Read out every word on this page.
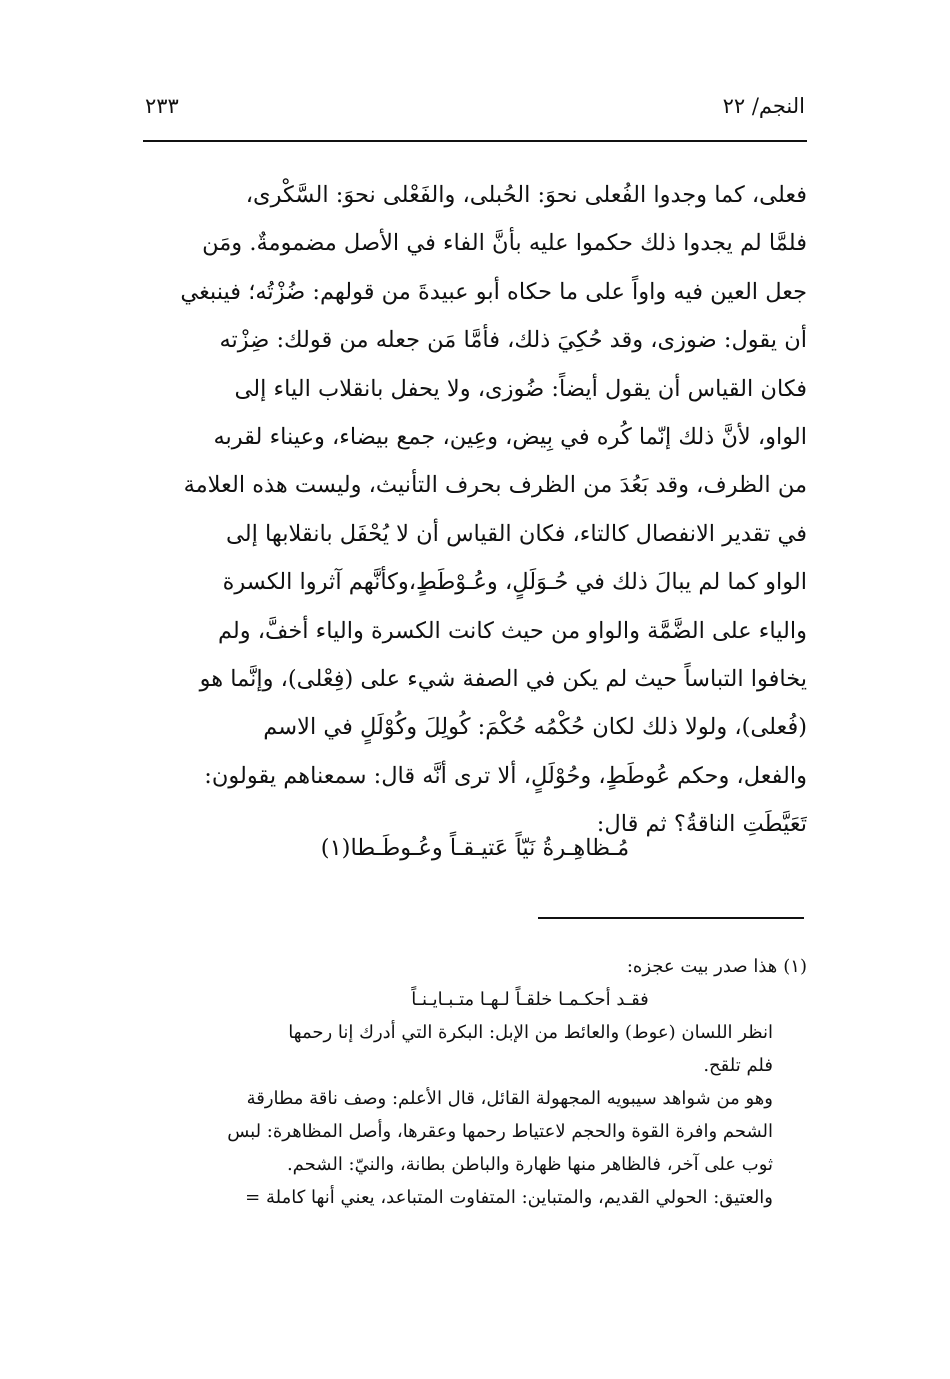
النجم/ ٢٢
٢٣٣
فعلى، كما وجدوا الفُعلى نحوَ: الحُبلى، والفَعْلى نحوَ: السَّكْرى،
فلمَّا لم يجدوا ذلك حكموا عليه بأنَّ الفاء في الأصل مضمومةٌ. ومَن
جعل العين فيه واواً على ما حكاه أبو عبيدةَ من قولهم: ضُزْتُه؛ فينبغي
أن يقول: ضوزى، وقد حُكِيَ ذلك، فأمَّا مَن جعله من قولك: ضِزْته
فكان القياس أن يقول أيضاً: ضُوزى، ولا يحفل بانقلاب الياء إلى
الواو، لأنَّ ذلك إنّما كُره في بِيض، وعِين، جمع بيضاء، وعيناء لقربه
من الظرف، وقد بَعُدَ من الظرف بحرف التأنيث، وليست هذه العلامة
في تقدير الانفصال كالتاء، فكان القياس أن لا يُحْفَل بانقلابها إلى
الواو كما لم يبالَ ذلك في حُـوَلَلٍ، وعُـوْطَطٍ،وكأنَّهم آثروا الكسرة
والياء على الضَّمَّة والواو من حيث كانت الكسرة والياء أخفَّ، ولم
يخافوا التباساً حيث لم يكن في الصفة شيء على (فِعْلى)، وإنَّما هو
(فُعلى)، ولولا ذلك لكان حُكْمُه حُكْمَ: كُولِلَ وكُوْلَلٍ في الاسم
والفعل، وحكم عُوطَطٍ، وحُوْلَلٍ، ألا ترى أنَّه قال: سمعناهم يقولون:
تَعَيَّطَتِ الناقةُ؟ ثم قال:
مُـظاهِـرةُ نَيّاً عَتيـقـاً وعُـوطَـطا(١)
(١)هذا صدر بيت عجزه:
فقـد أحكـمـا خلقـاً لـهـا متـبـايـنـاً
انظر اللسان (عوط) والعائط من الإبل: البكرة التي أدرك إنا رحمها
فلم تلقح.
وهو من شواهد سيبويه المجهولة القائل، قال الأعلم: وصف ناقة مطارقة
الشحم وافرة القوة والحجم لاعتياط رحمها وعقرها، وأصل المظاهرة: لبس
ثوب على آخر، فالظاهر منها ظهارة والباطن بطانة، والنيّ: الشحم.
والعتيق: الحولي القديم، والمتباين: المتفاوت المتباعد، يعني أنها كاملة =
